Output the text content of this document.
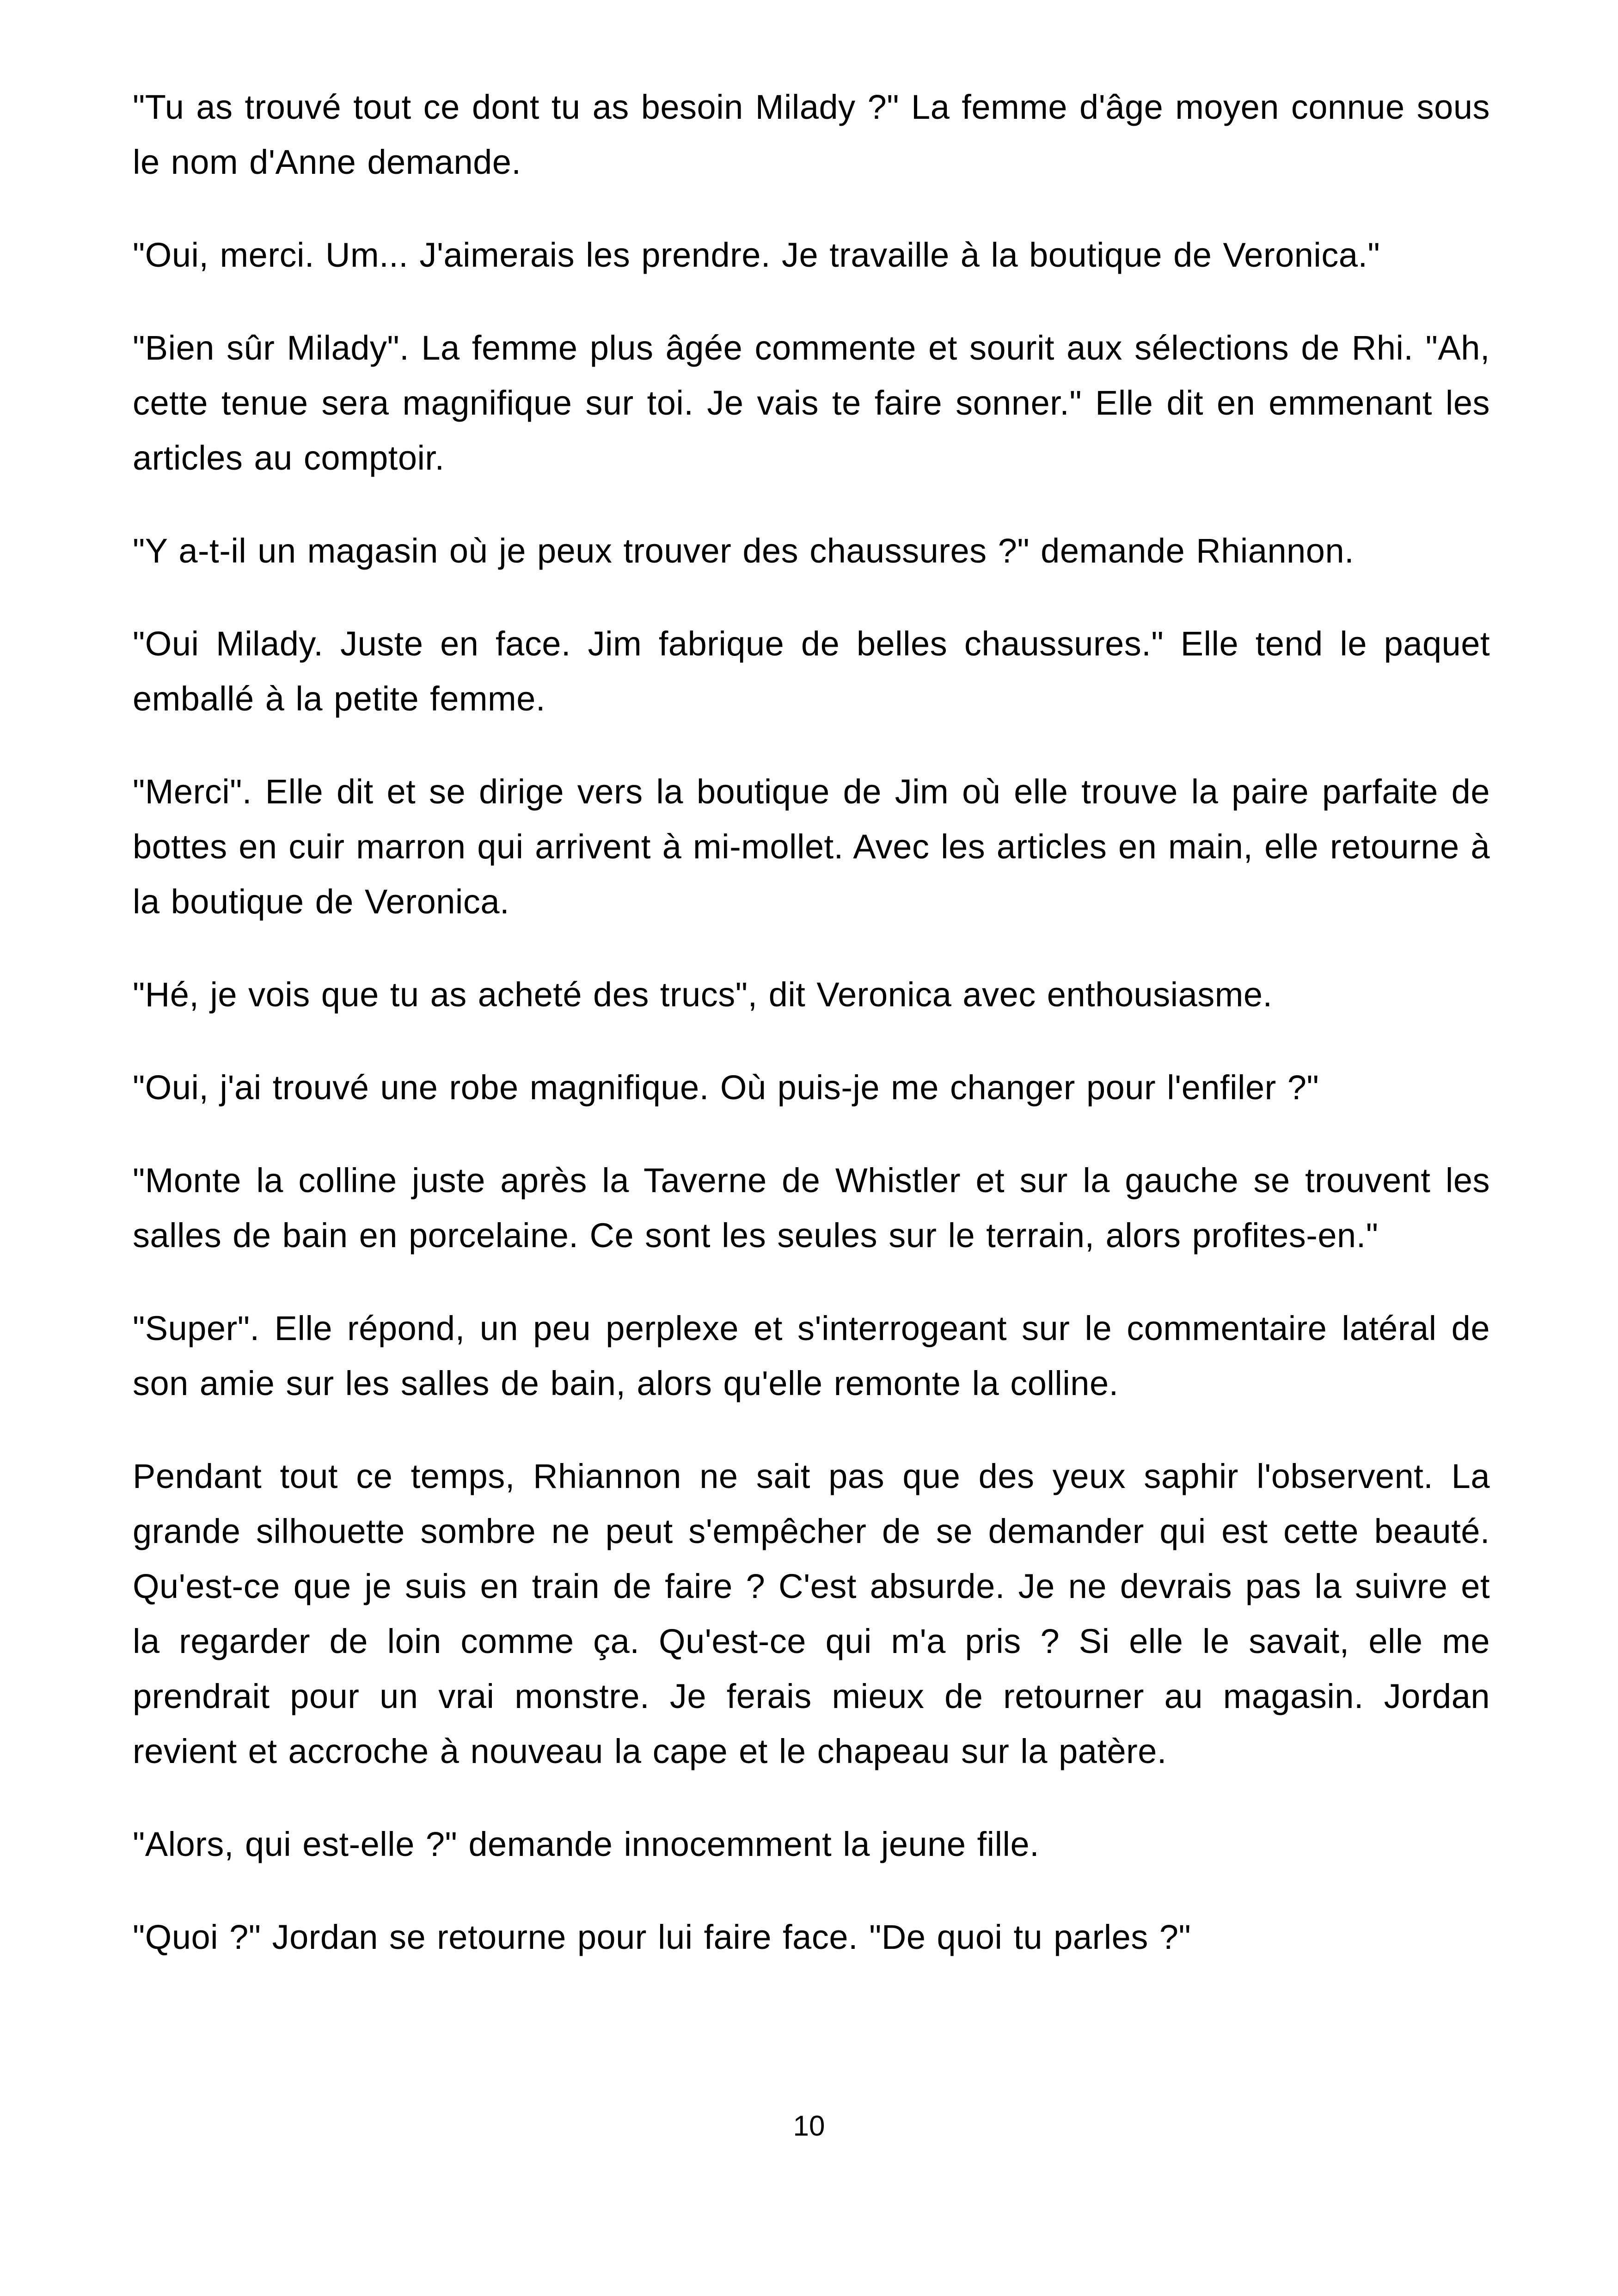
"Tu as trouvé tout ce dont tu as besoin Milady ?" La femme d'âge moyen connue sous le nom d'Anne demande.

"Oui, merci. Um... J'aimerais les prendre. Je travaille à la boutique de Veronica."

"Bien sûr Milady". La femme plus âgée commente et sourit aux sélections de Rhi. "Ah, cette tenue sera magnifique sur toi. Je vais te faire sonner." Elle dit en emmenant les articles au comptoir.

"Y a-t-il un magasin où je peux trouver des chaussures ?" demande Rhiannon.

"Oui Milady. Juste en face. Jim fabrique de belles chaussures." Elle tend le paquet emballé à la petite femme.

"Merci". Elle dit et se dirige vers la boutique de Jim où elle trouve la paire parfaite de bottes en cuir marron qui arrivent à mi-mollet. Avec les articles en main, elle retourne à la boutique de Veronica.

"Hé, je vois que tu as acheté des trucs", dit Veronica avec enthousiasme.

"Oui, j'ai trouvé une robe magnifique. Où puis-je me changer pour l'enfiler ?"

"Monte la colline juste après la Taverne de Whistler et sur la gauche se trouvent les salles de bain en porcelaine. Ce sont les seules sur le terrain, alors profites-en."

"Super". Elle répond, un peu perplexe et s'interrogeant sur le commentaire latéral de son amie sur les salles de bain, alors qu'elle remonte la colline.

Pendant tout ce temps, Rhiannon ne sait pas que des yeux saphir l'observent. La grande silhouette sombre ne peut s'empêcher de se demander qui est cette beauté. Qu'est-ce que je suis en train de faire ? C'est absurde. Je ne devrais pas la suivre et la regarder de loin comme ça. Qu'est-ce qui m'a pris ? Si elle le savait, elle me prendrait pour un vrai monstre. Je ferais mieux de retourner au magasin. Jordan revient et accroche à nouveau la cape et le chapeau sur la patère.

"Alors, qui est-elle ?" demande innocemment la jeune fille.

"Quoi ?" Jordan se retourne pour lui faire face. "De quoi tu parles ?"

10
